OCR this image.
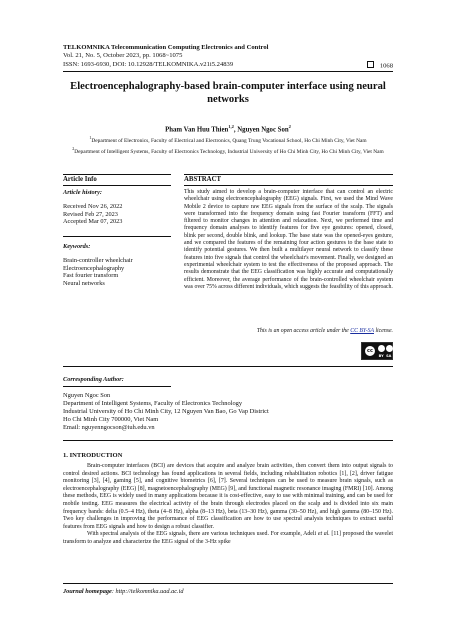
TELKOMNIKA Telecommunication Computing Electronics and Control
Vol. 21, No. 5, October 2023, pp. 1068~1075
ISSN: 1693-6930, DOI: 10.12928/TELKOMNIKA.v21i5.24839	1068
Electroencephalography-based brain-computer interface using neural networks
Pham Van Huu Thien$^{1,2}$, Nguyen Ngoc Son$^2$
$^1$Department of Electronics, Faculty of Electrical and Electronics, Quang Trung Vocational School, Ho Chi Minh City, Viet Nam
$^2$Department of Intelligent Systems, Faculty of Electronics Technology, Industrial University of Ho Chi Minh City, Ho Chi Minh City, Viet Nam
Article Info	ABSTRACT
Article history:
Received Nov 26, 2022
Revised Feb 27, 2023
Accepted Mar 07, 2023
Keywords:
Brain-controller wheelchair
Electroencephalography
Fast fourier transform
Neural networks
This study aimed to develop a brain-computer interface that can control an electric wheelchair using electroencephalography (EEG) signals. First, we used the Mind Wave Mobile 2 device to capture raw EEG signals from the surface of the scalp. The signals were transformed into the frequency domain using fast Fourier transform (FFT) and filtered to monitor changes in attention and relaxation. Next, we performed time and frequency domain analyses to identify features for five eye gestures: opened, closed, blink per second, double blink, and lookup. The base state was the opened-eyes gesture, and we compared the features of the remaining four action gestures to the base state to identify potential gestures. We then built a multilayer neural network to classify these features into five signals that control the wheelchair's movement. Finally, we designed an experimental wheelchair system to test the effectiveness of the proposed approach. The results demonstrate that the EEG classification was highly accurate and computationally efficient. Moreover, the average performance of the brain-controlled wheelchair system was over 75% across different individuals, which suggests the feasibility of this approach.
This is an open access article under the CC BY-SA license.
cc
BY SA
Corresponding Author:
Nguyen Ngoc Son
Department of Intelligent Systems, Faculty of Electronics Technology
Industrial University of Ho Chi Minh City, 12 Nguyen Van Bao, Go Vap District
Ho Chi Minh City 700000, Viet Nam
Email: nguyenngocson@iuh.edu.vn
1. INTRODUCTION

Brain-computer interfaces (BCI) are devices that acquire and analyze brain activities, then convert them into output signals to control desired actions. BCI technology has found applications in several fields, including rehabilitation robotics [1], [2], driver fatigue monitoring [3], [4], gaming [5], and cognitive biometrics [6], [7]. Several techniques can be used to measure brain signals, such as electroencephalography (EEG) [8], magnetoencephalography (MEG) [9], and functional magnetic resonance imaging (FMRI) [10]. Among these methods, EEG is widely used in many applications because it is cost-effective, easy to use with minimal training, and can be used for mobile testing. EEG measures the electrical activity of the brain through electrodes placed on the scalp and is divided into six main frequency bands: delta (0.5–4 Hz), theta (4–8 Hz), alpha (8–13 Hz), beta (13–30 Hz), gamma (30–50 Hz), and high gamma (80–150 Hz). Two key challenges in improving the performance of EEG classification are how to use spectral analysis techniques to extract useful features from EEG signals and how to design a robust classifier.

With spectral analysis of the EEG signals, there are various techniques used. For example, Adeli et al. [11] proposed the wavelet transform to analyze and characterize the EEG signal of the 3-Hz spike

Journal homepage: http://telkomnika.uad.ac.id
